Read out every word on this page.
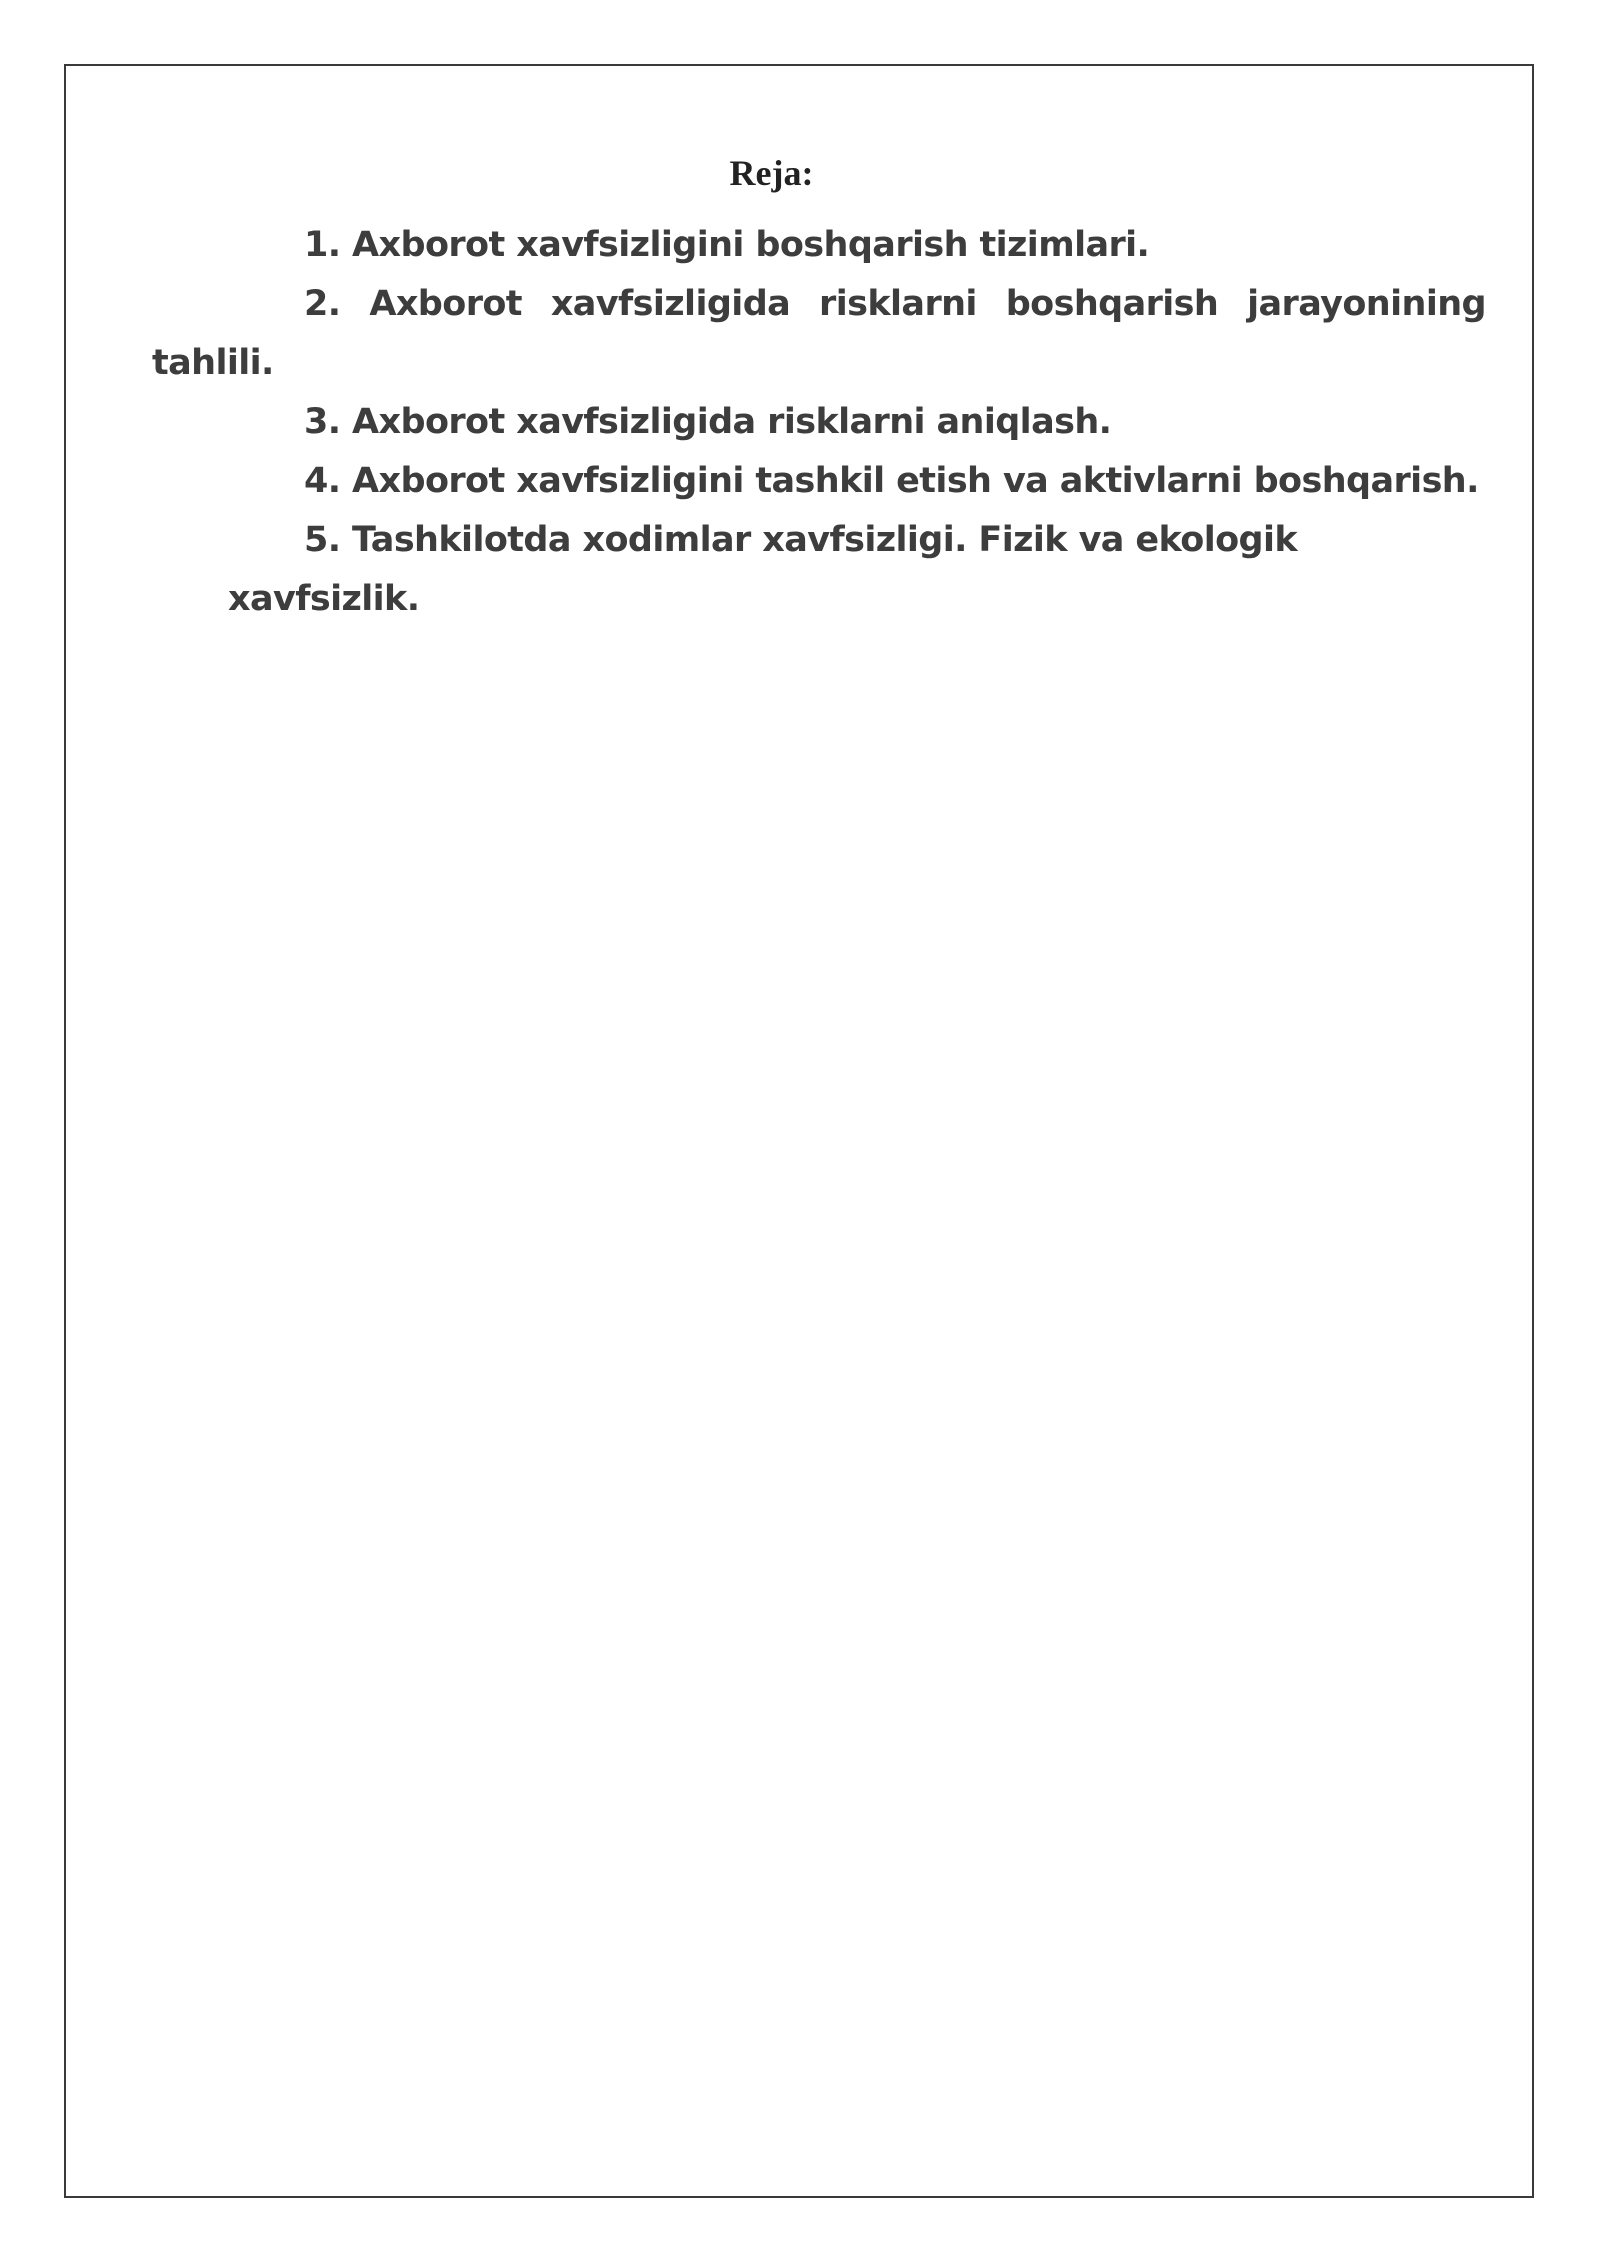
Reja:
1. Axborot xavfsizligini boshqarish tizimlari.
2. Axborot xavfsizligida risklarni boshqarish jarayonining
tahlili.
3. Axborot xavfsizligida risklarni aniqlash.
4. Axborot xavfsizligini tashkil etish va aktivlarni boshqarish.
5. Tashkilotda xodimlar xavfsizligi. Fizik va ekologik xavfsizlik.
